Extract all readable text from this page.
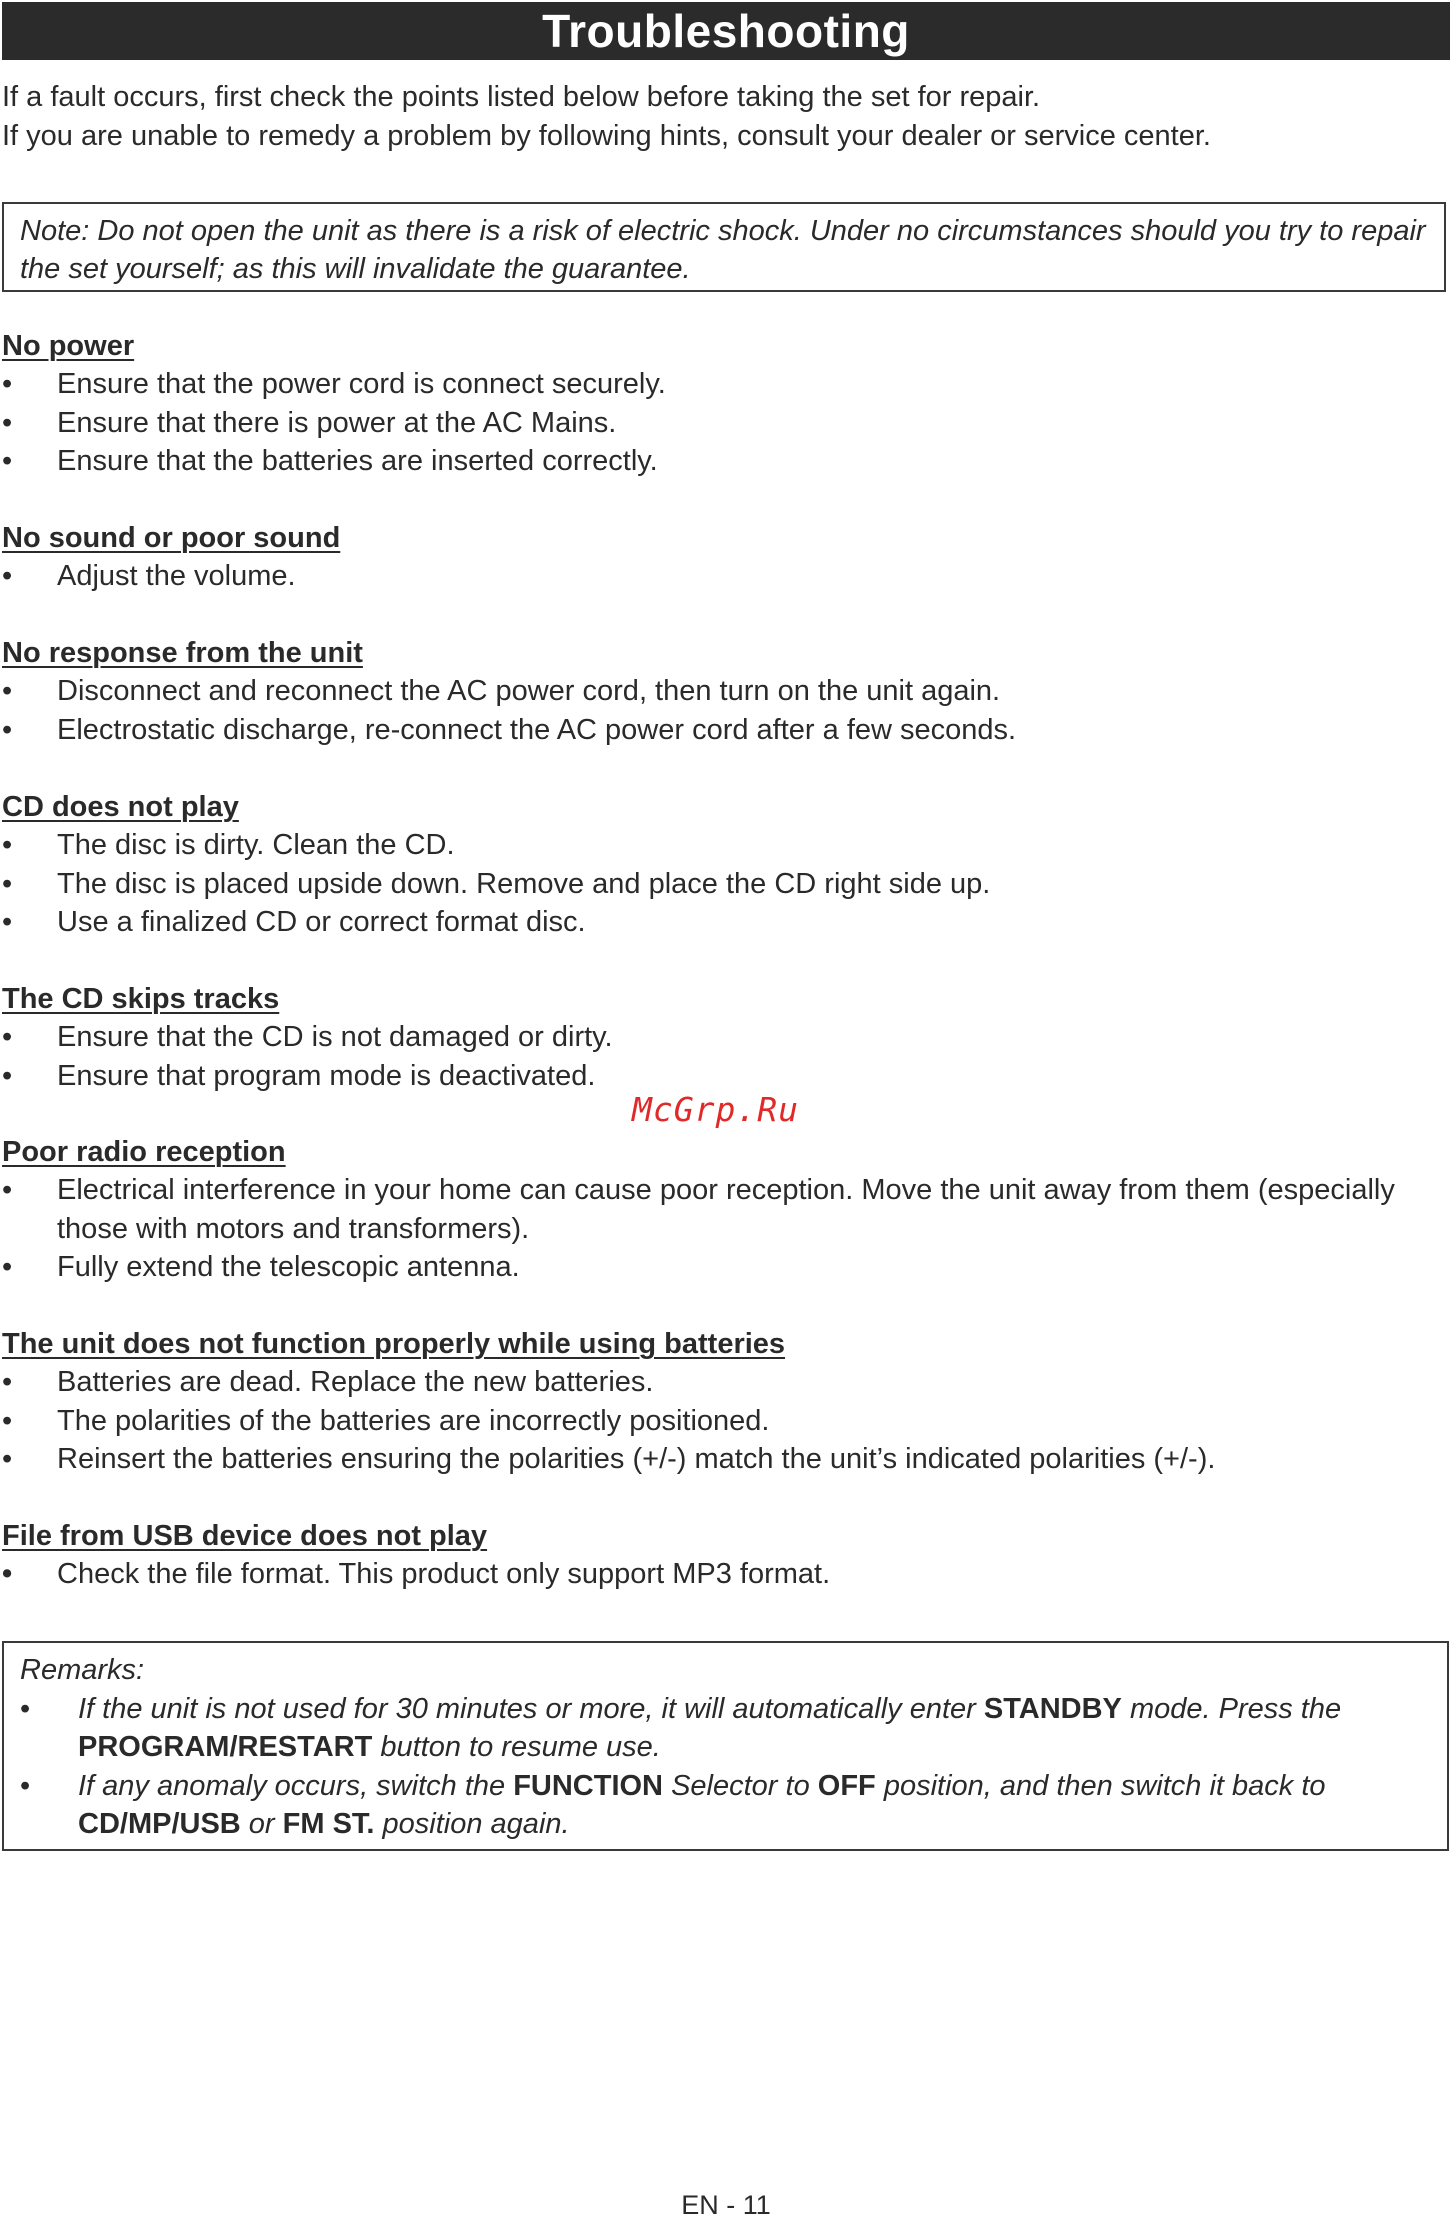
Troubleshooting

If a fault occurs, first check the points listed below before taking the set for repair.

If you are unable to remedy a problem by following hints, consult your dealer or service center.

Note: Do not open the unit as there is a risk of electric shock. Under no circumstances should you try to repair the set yourself; as this will invalidate the guarantee.
No power
•	Ensure that the power cord is connect securely.
•	Ensure that there is power at the AC Mains.
•	Ensure that the batteries are inserted correctly.
No sound or poor sound
•	Adjust the volume.
No response from the unit
•	Disconnect and reconnect the AC power cord, then turn on the unit again.
•	Electrostatic discharge, re-connect the AC power cord after a few seconds.
CD does not play
•	The disc is dirty. Clean the CD.
•	The disc is placed upside down. Remove and place the CD right side up.
•	Use a finalized CD or correct format disc.
The CD skips tracks
•	Ensure that the CD is not damaged or dirty.
•	Ensure that program mode is deactivated.
McGrp.Ru
Poor radio reception
•	Electrical interference in your home can cause poor reception. Move the unit away from them (especially those with motors and transformers).
•	Fully extend the telescopic antenna.
The unit does not function properly while using batteries
•	Batteries are dead. Replace the new batteries.
•	The polarities of the batteries are incorrectly positioned.
•	Reinsert the batteries ensuring the polarities (+/-) match the unit’s indicated polarities (+/-).
File from USB device does not play
•	Check the file format. This product only support MP3 format.
Remarks:
• If the unit is not used for 30 minutes or more, it will automatically enter STANDBY mode. Press the PROGRAM/RESTART button to resume use.
• If any anomaly occurs, switch the FUNCTION Selector to OFF position, and then switch it back to CD/MP/USB or FM ST. position again.
EN - 11
